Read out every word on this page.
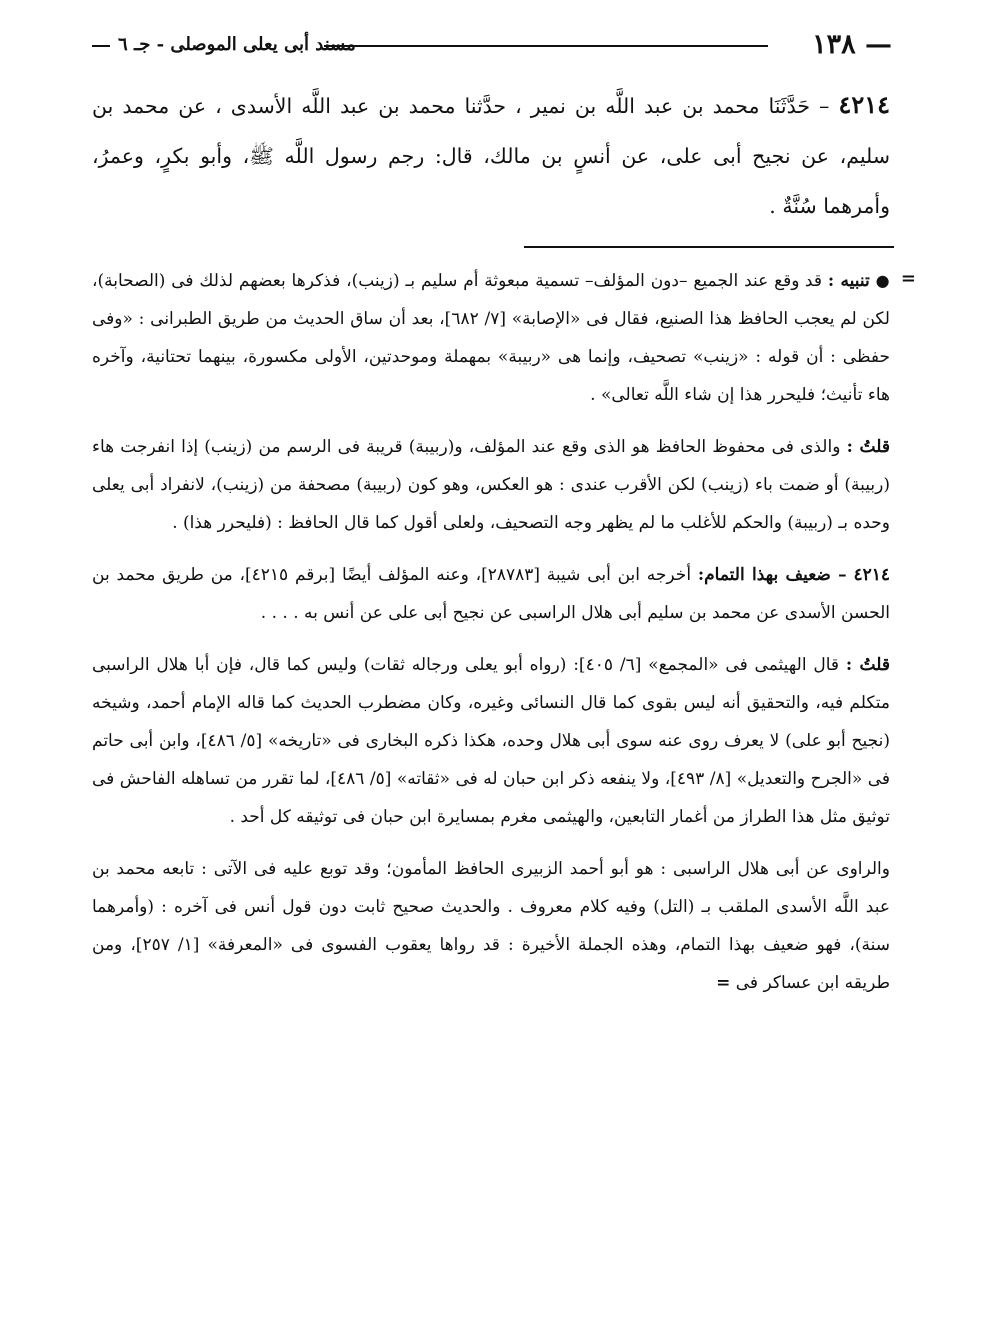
— ١٣٨
مسند أبى يعلى الموصلى - جـ ٦
٤٢١٤ – حَدَّثَنَا محمد بن عبد اللَّه بن نمير ، حدَّثنا محمد بن عبد اللَّه الأسدى ، عن محمد بن سليم، عن نجيح أبى على، عن أنسٍ بن مالك، قال: رجم رسول اللَّه ﷺ، وأبو بكرٍ، وعمرُ، وأمرهما سُنَّةٌ .
=

● تنبيه : قد وقع عند الجميع –دون المؤلف– تسمية مبعوثة أم سليم بـ (زينب)، فذكرها بعضهم لذلك فى (الصحابة)، لكن لم يعجب الحافظ هذا الصنيع، فقال فى «الإصابة» [٧/ ٦٨٢]، بعد أن ساق الحديث من طريق الطبرانى : «وفى حفظى : أن قوله : «زينب» تصحيف، وإنما هى «ربيبة» بمهملة وموحدتين، الأولى مكسورة، بينهما تحتانية، وآخره هاء تأنيث؛ فليحرر هذا إن شاء اللَّه تعالى» .

قلتُ : والذى فى محفوظ الحافظ هو الذى وقع عند المؤلف، و(ربيبة) قريبة فى الرسم من (زينب) إذا انفرجت هاء (ربيبة) أو ضمت باء (زينب) لكن الأقرب عندى : هو العكس، وهو كون (ربيبة) مصحفة من (زينب)، لانفراد أبى يعلى وحده بـ (ربيبة) والحكم للأغلب ما لم يظهر وجه التصحيف، ولعلى أقول كما قال الحافظ : (فليحرر هذا) .

٤٢١٤ – ضعيف بهذا التمام: أخرجه ابن أبى شيبة [٢٨٧٨٣]، وعنه المؤلف أيضًا [برقم ٤٢١٥]، من طريق محمد بن الحسن الأسدى عن محمد بن سليم أبى هلال الراسبى عن نجيح أبى على عن أنس به . . . .

قلتُ : قال الهيثمى فى «المجمع» [٦/ ٤٠٥]: (رواه أبو يعلى ورجاله ثقات) وليس كما قال، فإن أبا هلال الراسبى متكلم فيه، والتحقيق أنه ليس بقوى كما قال النسائى وغيره، وكان مضطرب الحديث كما قاله الإمام أحمد، وشيخه (نجيح أبو على) لا يعرف روى عنه سوى أبى هلال وحده، هكذا ذكره البخارى فى «تاريخه» [٥/ ٤٨٦]، وابن أبى حاتم فى «الجرح والتعديل» [٨/ ٤٩٣]، ولا ينفعه ذكر ابن حبان له فى «ثقاته» [٥/ ٤٨٦]، لما تقرر من تساهله الفاحش فى توثيق مثل هذا الطراز من أغمار التابعين، والهيثمى مغرم بمسايرة ابن حبان فى توثيقه كل أحد .

والراوى عن أبى هلال الراسبى : هو أبو أحمد الزبيرى الحافظ المأمون؛ وقد توبع عليه فى الآتى : تابعه محمد بن عبد اللَّه الأسدى الملقب بـ (التل) وفيه كلام معروف . والحديث صحيح ثابت دون قول أنس فى آخره : (وأمرهما سنة)، فهو ضعيف بهذا التمام، وهذه الجملة الأخيرة : قد رواها يعقوب الفسوى فى «المعرفة» [١/ ٢٥٧]، ومن طريقه ابن عساكر فى =
